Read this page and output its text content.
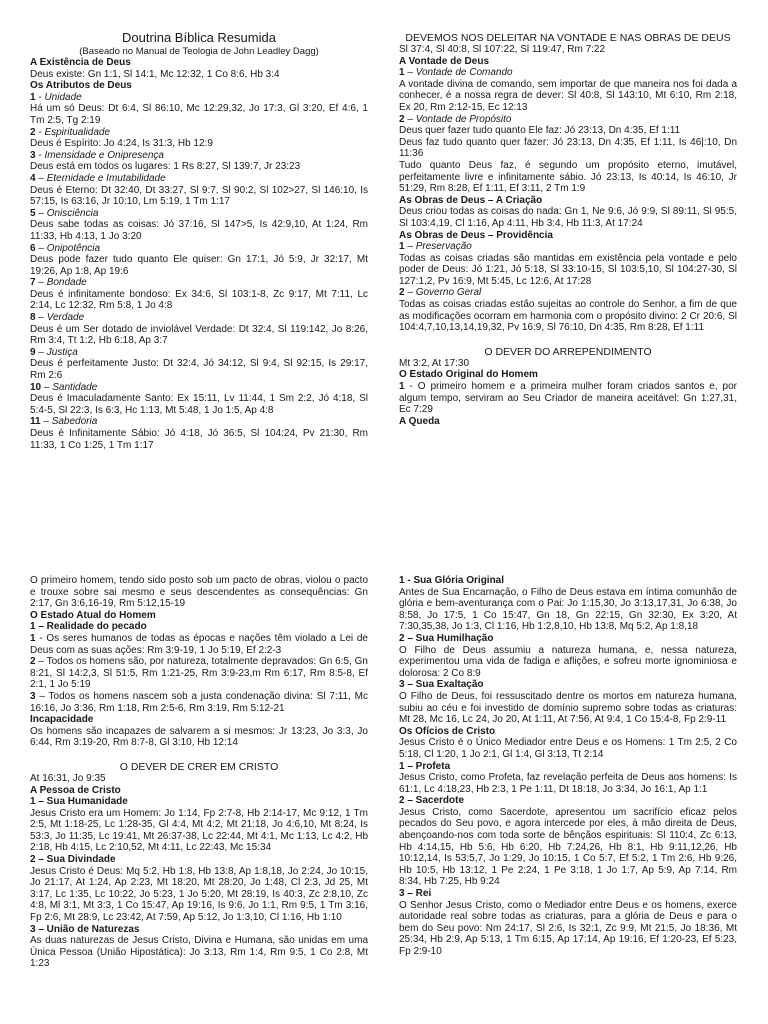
Doutrina Bíblica Resumida

(Baseado no Manual de Teologia de John Leadley Dagg)

A Existência de Deus

Deus existe: Gn 1:1, Sl 14:1, Mc 12:32, 1 Co 8:6, Hb 3:4

Os Atributos de Deus

1 - Unidade

Há um só Deus: Dt 6:4, Sl 86:10, Mc 12:29,32, Jo 17:3, Gl 3:20, Ef 4:6, 1 Tm 2:5, Tg 2:19

2 - Espiritualidade

Deus é Espírito: Jo 4:24, Is 31:3, Hb 12:9

3 - Imensidade e Onipresença

Deus está em todos os lugares: 1 Rs 8:27, Sl 139:7, Jr 23:23

4 – Eternidade e Imutabilidade

Deus é Eterno: Dt 32:40, Dt 33:27, Sl 9:7, Sl 90:2, Sl 102>27, Sl 146:10, Is 57:15, Is 63:16, Jr 10:10, Lm 5:19, 1 Tm 1:17

5 – Onisciência

Deus sabe todas as coisas: Jó 37:16, Sl 147>5, Is 42:9,10, At 1:24, Rm 11:33, Hb 4:13, 1 Jo 3:20

6 – Onipotência

Deus pode fazer tudo quanto Ele quiser: Gn 17:1, Jó 5:9, Jr 32:17, Mt 19:26, Ap 1:8, Ap 19:6

7 – Bondade

Deus é infinitamente bondoso: Ex 34:6, Sl 103:1-8, Zc 9:17, Mt 7:11, Lc 2:14, Lc 12:32, Rm 5:8, 1 Jo 4:8

8 – Verdade

Deus é um Ser dotado de inviolável Verdade: Dt 32:4, Sl 119:142, Jo 8:26, Rm 3:4, Tt 1:2, Hb 6:18, Ap 3:7

9 – Justiça

Deus é perfeitamente Justo: Dt 32:4, Jó 34:12, Sl 9:4, Sl 92:15, Is 29:17, Rm 2:6

10 – Santidade

Deus é Imaculadamente Santo: Ex 15:11, Lv 11:44, 1 Sm 2:2, Jó 4:18, Sl 5:4-5, Sl 22:3, Is 6:3, Hc 1:13, Mt 5:48, 1 Jo 1:5, Ap 4:8

11 – Sabedoria

Deus é Infinitamente Sábio: Jó 4:18, Jó 36:5, Sl 104:24, Pv 21:30, Rm 11:33, 1 Co 1:25, 1 Tm 1:17

DEVEMOS NOS DELEITAR NA VONTADE E NAS OBRAS DE DEUS

Sl 37:4, Sl 40:8, Sl 107:22, Sl 119:47, Rm 7:22

A Vontade de Deus

1 – Vontade de Comando

A vontade divina de comando, sem importar de que maneira nos foi dada a conhecer, é a nossa regra de dever: Sl 40:8, Sl 143:10, Mt 6:10, Rm 2:18, Ex 20, Rm 2:12-15, Ec 12:13

2 – Vontade de Propósito

Deus quer fazer tudo quanto Ele faz: Jó 23:13, Dn 4:35, Ef 1:11

Deus faz tudo quanto quer fazer: Jó 23:13, Dn 4:35, Ef 1:11, Is 46|:10, Dn 11:36

Tudo quanto Deus faz, é segundo um propósito eterno, imutável, perfeitamente livre e infinitamente sábio. Jó 23:13, Is 40:14, Is 46:10, Jr 51:29, Rm 8:28, Ef 1:11, Ef 3:11, 2 Tm 1:9

As Obras de Deus – A Criação

Deus criou todas as coisas do nada: Gn 1, Ne 9:6, Jó 9:9, Sl 89:11, Sl 95:5, Sl 103:4,19, Cl 1:16, Ap 4:11, Hb 3:4, Hb 11:3, At 17:24

As Obras de Deus – Providência

1 – Preservação

Todas as coisas criadas são mantidas em existência pela vontade e pelo poder de Deus: Jó 1:21, Jó 5:18, Sl 33:10-15, Sl 103:5,10, Sl 104:27-30, Sl 127:1,2, Pv 16:9, Mt 5:45, Lc 12:6, At 17:28

2 – Governo Geral

Todas as coisas criadas estão sujeitas ao controle do Senhor, a fim de que as modificações ocorram em harmonia com o propósito divino: 2 Cr 20:6, Sl 104:4,7,10,13,14,19,32, Pv 16:9, Sl 76:10, Dn 4:35, Rm 8:28, Ef 1:11

O DEVER DO ARREPENDIMENTO

Mt 3:2, At 17:30

O Estado Original do Homem

1 - O primeiro homem e a primeira mulher foram criados santos e, por algum tempo, serviram ao Seu Criador de maneira aceitável: Gn 1:27,31, Ec 7:29

A Queda

O primeiro homem, tendo sido posto sob um pacto de obras, violou o pacto e trouxe sobre sai mesmo e seus descendentes as consequências: Gn 2:17, Gn 3:6,16-19, Rm 5:12,15-19

O Estado Atual do Homem

1 – Realidade do pecado

1 - Os seres humanos de todas as épocas e nações têm violado a Lei de Deus com as suas ações: Rm 3:9-19, 1 Jo 5:19, Ef 2:2-3

2 – Todos os homens são, por natureza, totalmente depravados: Gn 6:5, Gn 8:21, Sl 14:2,3, Sl 51:5, Rm 1:21-25, Rm 3:9-23,m Rm 6:17, Rm 8:5-8, Ef 2:1, 1 Jo 5:19

3 – Todos os homens nascem sob a justa condenação divina: Sl 7:11, Mc 16:16, Jo 3:36, Rm 1:18, Rm 2:5-6, Rm 3:19, Rm 5:12-21

Incapacidade

Os homens são incapazes de salvarem a si mesmos: Jr 13:23, Jo 3:3, Jo 6:44, Rm 3:19-20, Rm 8:7-8, Gl 3:10, Hb 12:14

O DEVER DE CRER EM CRISTO

At 16:31, Jo 9:35

A Pessoa de Cristo

1 – Sua Humanidade

Jesus Cristo era um Homem: Jo 1:14, Fp 2:7-8, Hb 2:14-17, Mc 9:12, 1 Tm 2:5, Mt 1:18-25, Lc 1:28-35, Gl 4:4, Mt 4:2, Mt 21:18, Jo 4:6,10, Mt 8:24, Is 53:3, Jo 11:35, Lc 19:41, Mt 26:37-38, Lc 22:44, Mt 4:1, Mc 1:13, Lc 4:2, Hb 2:18, Hb 4:15, Lc 2:10,52, Mt 4:11, Lc 22:43, Mc 15:34

2 – Sua Divindade

Jesus Cristo é Deus: Mq 5:2, Hb 1:8, Hb 13:8, Ap 1:8,18, Jo 2:24, Jo 10:15, Jo 21:17, At 1:24, Ap 2:23, Mt 18:20, Mt 28:20, Jo 1:48, Cl 2:3, Jd 25, Mt 3:17, Lc 1:35, Lc 10:22, Jo 5:23, 1 Jo 5:20, Mt 28:19, Is 40:3, Zc 2:8,10, Zc 4:8, Ml 3:1, Mt 3:3, 1 Co 15:47, Ap 19:16, Is 9:6, Jo 1:1, Rm 9:5, 1 Tm 3:16, Fp 2:6, Mt 28:9, Lc 23:42, At 7:59, Ap 5:12, Jo 1:3,10, Cl 1:16, Hb 1:10

3 – União de Naturezas

As duas naturezas de Jesus Cristo, Divina e Humana, são unidas em uma Única Pessoa (União Hipostática): Jo 3:13, Rm 1:4, Rm 9:5, 1 Co 2:8, Mt 1:23

1 - Sua Glória Original

Antes de Sua Encarnação, o Filho de Deus estava em íntima comunhão de glória e bem-aventurança com o Pai: Jo 1:15,30, Jo 3:13,17,31, Jo 6:38, Jo 8:58, Jo 17:5, 1 Co 15:47, Gn 18, Gn 22:15, Gn 32:30, Ex 3:20, At 7:30,35,38, Jo 1:3, Cl 1:16, Hb 1:2,8,10, Hb 13:8, Mq 5:2, Ap 1:8,18

2 – Sua Humilhação

O Filho de Deus assumiu a natureza humana, e, nessa natureza, experimentou uma vida de fadiga e aflições, e sofreu morte ignominiosa e dolorosa: 2 Co 8:9

3 – Sua Exaltação

O Filho de Deus, foi ressuscitado dentre os mortos em natureza humana, subiu ao céu e foi investido de domínio supremo sobre todas as criaturas: Mt 28, Mc 16, Lc 24, Jo 20, At 1:11, At 7:56, At 9:4, 1 Co 15:4-8, Fp 2:9-11

Os Ofícios de Cristo

Jesus Cristo é o Único Mediador entre Deus e os Homens: 1 Tm 2:5, 2 Co 5:18, Cl 1:20, 1 Jo 2:1, Gl 1:4, Gl 3:13, Tt 2:14

1 – Profeta

Jesus Cristo, como Profeta, faz revelação perfeita de Deus aos homens: Is 61:1, Lc 4:18,23, Hb 2:3, 1 Pe 1:11, Dt 18:18, Jo 3:34, Jo 16:1, Ap 1:1

2 – Sacerdote

Jesus Cristo, como Sacerdote, apresentou um sacrifício eficaz pelos pecados do Seu povo, e agora intercede por eles, à mão direita de Deus, abençoando-nos com toda sorte de bênçãos espirituais: Sl 110:4, Zc 6:13, Hb 4:14,15, Hb 5:6, Hb 6:20, Hb 7:24,26, Hb 8:1, Hb 9:11,12,26, Hb 10:12,14, Is 53:5,7, Jo 1:29, Jo 10:15, 1 Co 5:7, Ef 5:2, 1 Tm 2:6, Hb 9:26, Hb 10:5, Hb 13:12, 1 Pe 2:24, 1 Pe 3:18, 1 Jo 1:7, Ap 5:9, Ap 7:14, Rm 8:34, Hb 7:25, Hb 9:24

3 – Rei

O Senhor Jesus Cristo, como o Mediador entre Deus e os homens, exerce autoridade real sobre todas as criaturas, para a glória de Deus e para o bem do Seu povo: Nm 24:17, Sl 2:6, Is 32:1, Zc 9:9, Mt 21:5, Jo 18:36, Mt 25:34, Hb 2:9, Ap 5:13, 1 Tm 6:15, Ap 17:14, Ap 19:16, Ef 1:20-23, Ef 5:23, Fp 2:9-10
